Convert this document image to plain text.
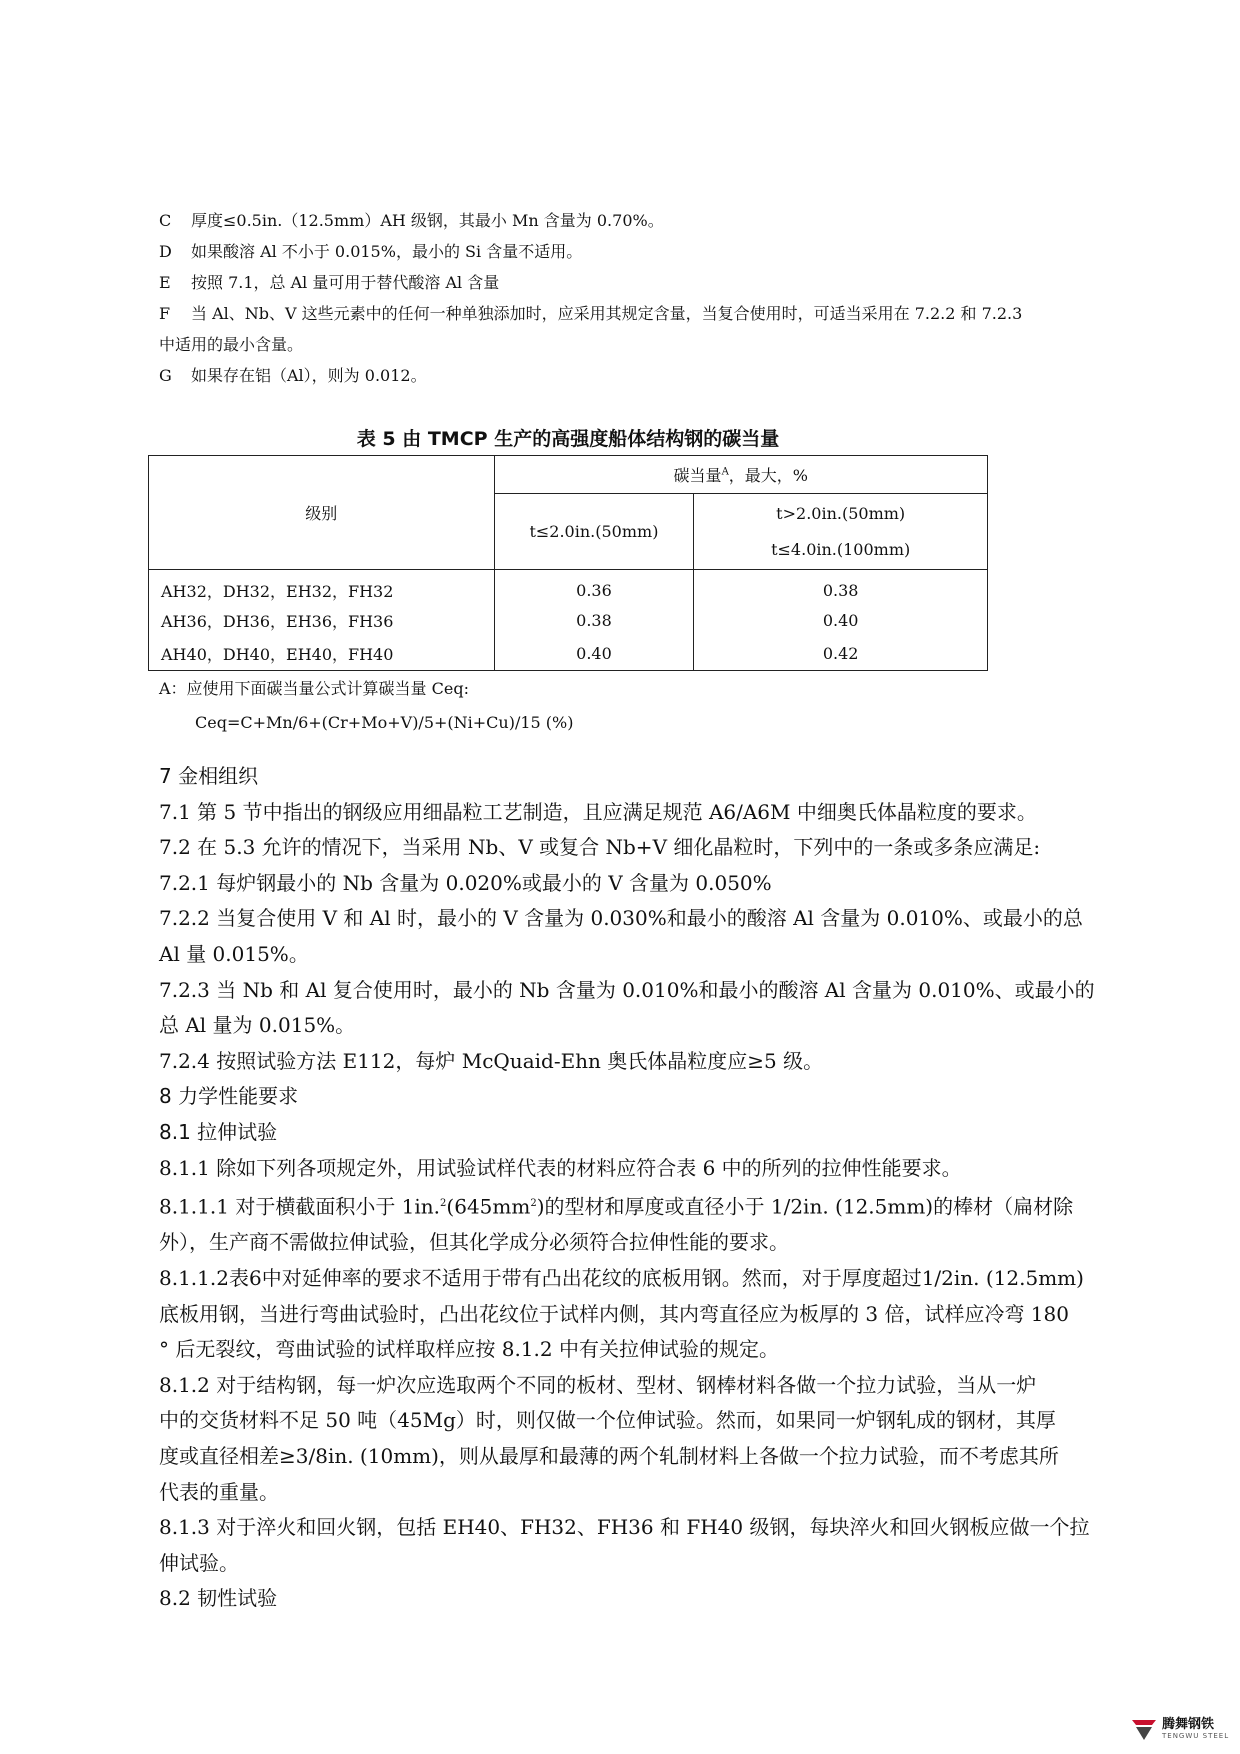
C 厚度≤0.5in.（12.5mm）AH 级钢，其最小 Mn 含量为 0.70%。

D 如果酸溶 Al 不小于 0.015%，最小的 Si 含量不适用。

E 按照 7.1，总 Al 量可用于替代酸溶 Al 含量

F 当 Al、Nb、V 这些元素中的任何一种单独添加时，应采用其规定含量，当复合使用时，可适当采用在 7.2.2 和 7.2.3

中适用的最小含量。

G 如果存在铝（Al），则为 0.012。

表 5 由 TMCP 生产的高强度船体结构钢的碳当量
级别	碳当量$^A$，最大，%	
	t≤2.0in.(50mm)	t>2.0in.(50mm)
t≤4.0in.(100mm)

AH32，DH32，EH32，FH32	0.36	0.38
AH36，DH36，EH36，FH36	0.38	0.40
AH40，DH40，EH40，FH40	0.40	0.42

A：应使用下面碳当量公式计算碳当量 Ceq:

Ceq=C+Mn/6+(Cr+Mo+V)/5+(Ni+Cu)/15 (%)

7 金相组织

7.1 第 5 节中指出的钢级应用细晶粒工艺制造，且应满足规范 A6/A6M 中细奥氏体晶粒度的要求。

7.2 在 5.3 允许的情况下，当采用 Nb、V 或复合 Nb+V 细化晶粒时，下列中的一条或多条应满足:

7.2.1 每炉钢最小的 Nb 含量为 0.020%或最小的 V 含量为 0.050%

7.2.2 当复合使用 V 和 Al 时，最小的 V 含量为 0.030%和最小的酸溶 Al 含量为 0.010%、或最小的总

Al 量 0.015%。

7.2.3 当 Nb 和 Al 复合使用时，最小的 Nb 含量为 0.010%和最小的酸溶 Al 含量为 0.010%、或最小的

总 Al 量为 0.015%。

7.2.4 按照试验方法 E112，每炉 McQuaid-Ehn 奥氏体晶粒度应≥5 级。

8 力学性能要求

8.1 拉伸试验

8.1.1 除如下列各项规定外，用试验试样代表的材料应符合表 6 中的所列的拉伸性能要求。

8.1.1.1 对于横截面积小于 $1in.^2(645mm^2)$的型材和厚度或直径小于 1/2in. (12.5mm)的棒材（扁材除

外），生产商不需做拉伸试验，但其化学成分必须符合拉伸性能的要求。

8.1.1.2表6中对延伸率的要求不适用于带有凸出花纹的底板用钢。然而，对于厚度超过1/2in. (12.5mm)

底板用钢，当进行弯曲试验时，凸出花纹位于试样内侧，其内弯直径应为板厚的 3 倍，试样应冷弯 180

° 后无裂纹，弯曲试验的试样取样应按 8.1.2 中有关拉伸试验的规定。

8.1.2 对于结构钢，每一炉次应选取两个不同的板材、型材、钢棒材料各做一个拉力试验，当从一炉

中的交货材料不足 50 吨（45Mg）时，则仅做一个位伸试验。然而，如果同一炉钢轧成的钢材，其厚

度或直径相差≥3/8in. (10mm)，则从最厚和最薄的两个轧制材料上各做一个拉力试验，而不考虑其所

代表的重量。

8.1.3 对于淬火和回火钢，包括 EH40、FH32、FH36 和 FH40 级钢，每块淬火和回火钢板应做一个拉

伸试验。

8.2 韧性试验

腾舞钢铁
TENGWU STEEL
